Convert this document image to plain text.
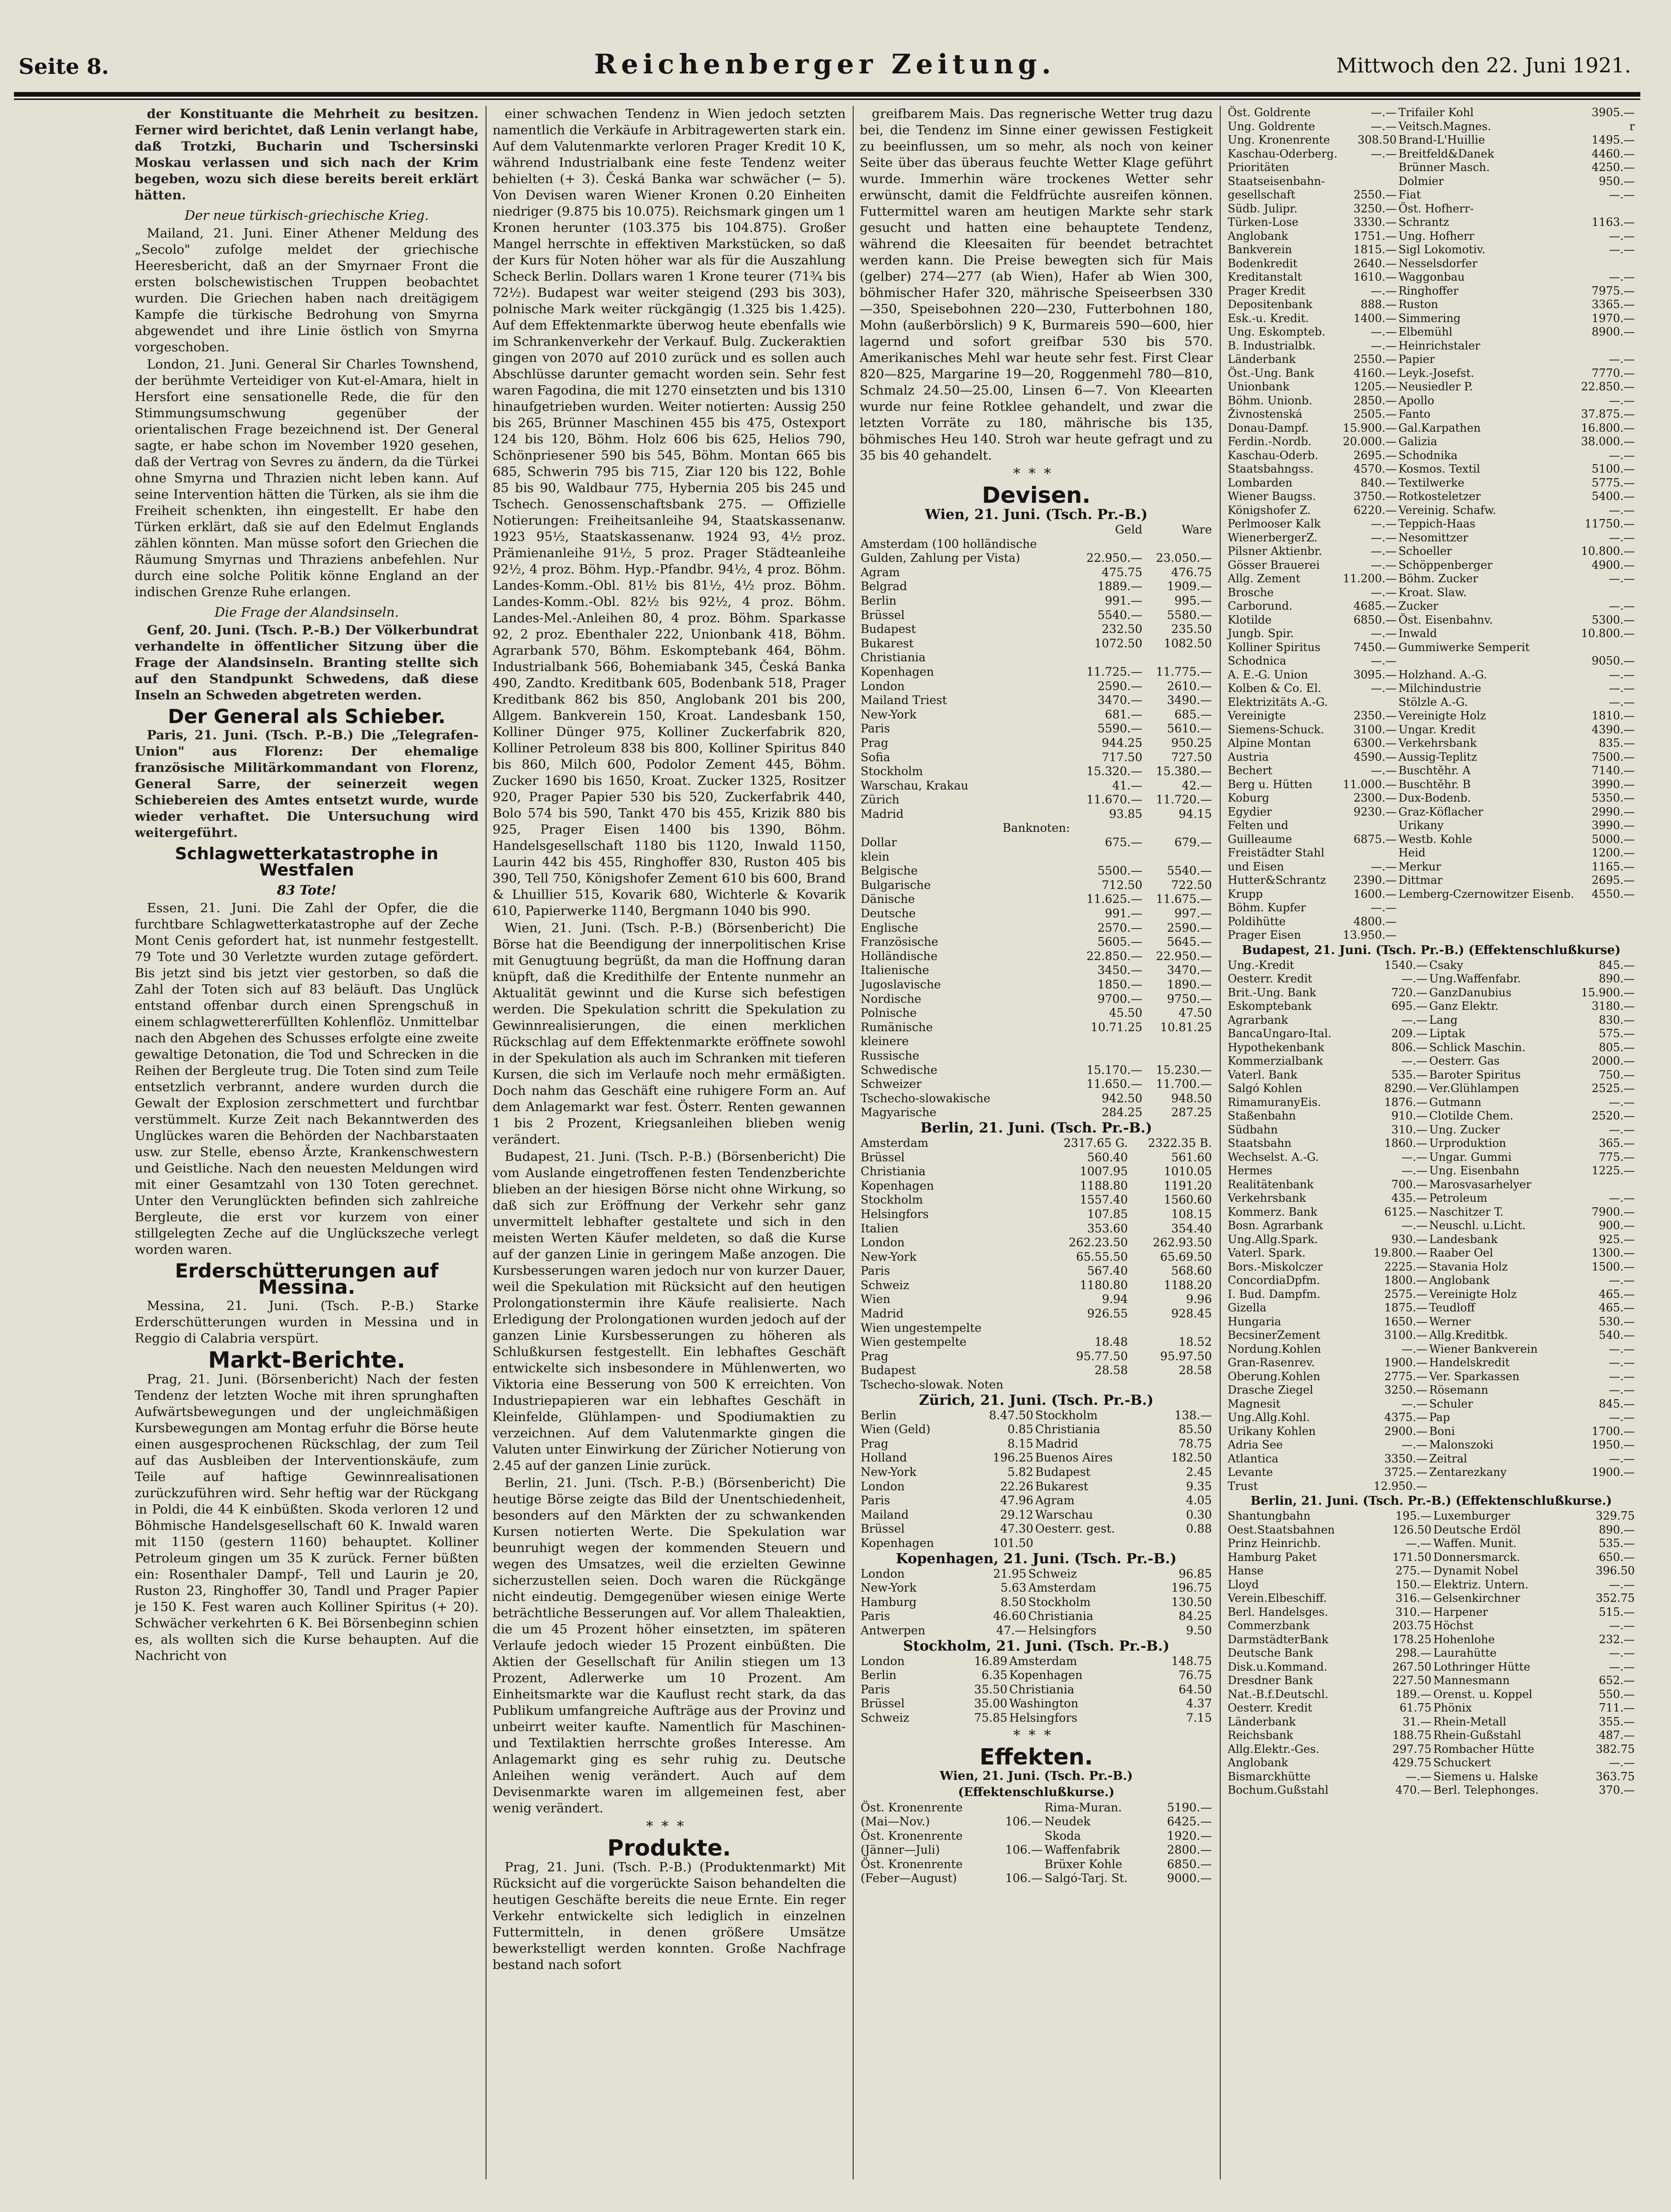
Seite 8.	Reichenberger Zeitung.	Mittwoch den 22. Juni 1921.

der Konstituante die Mehrheit zu besitzen. Ferner wird berichtet, daß Lenin verlangt habe, daß Trotzki, Bucharin und Tschersinski Moskau verlassen und sich nach der Krim begeben, wozu sich diese bereits bereit erklärt hätten.

Der neue türkisch-griechische Krieg.

Mailand, 21. Juni. Einer Athener Meldung des „Secolo" zufolge meldet der griechische Heeresbericht, daß an der Smyrnaer Front die ersten bolschewistischen Truppen beobachtet wurden. Die Griechen haben nach dreitägigem Kampfe die türkische Bedrohung von Smyrna abgewendet und ihre Linie östlich von Smyrna vorgeschoben.

London, 21. Juni. General Sir Charles Townshend, der berühmte Verteidiger von Kut-el-Amara, hielt in Hersfort eine sensationelle Rede, die für den Stimmungsumschwung gegenüber der orientalischen Frage bezeichnend ist. Der General sagte, er habe schon im November 1920 gesehen, daß der Vertrag von Sevres zu ändern, da die Türkei ohne Smyrna und Thrazien nicht leben kann. Auf seine Intervention hätten die Türken, als sie ihm die Freiheit schenkten, ihn eingestellt. Er habe den Türken erklärt, daß sie auf den Edelmut Englands zählen könnten. Man müsse sofort den Griechen die Räumung Smyrnas und Thraziens anbefehlen. Nur durch eine solche Politik könne England an der indischen Grenze Ruhe erlangen.

Die Frage der Alandsinseln.

Genf, 20. Juni. (Tsch. P.-B.) Der Völkerbundrat verhandelte in öffentlicher Sitzung über die Frage der Alandsinseln. Branting stellte sich auf den Standpunkt Schwedens, daß diese Inseln an Schweden abgetreten werden.

Der General als Schieber.

Paris, 21. Juni. (Tsch. P.-B.) Die „Telegrafen-Union" aus Florenz: Der ehemalige französische Militärkommandant von Florenz, General Sarre, der seinerzeit wegen Schiebereien des Amtes entsetzt wurde, wurde wieder verhaftet. Die Untersuchung wird weitergeführt.

Schlagwetterkatastrophe in Westfalen
83 Tote!

Essen, 21. Juni. Die Zahl der Opfer, die die furchtbare Schlagwetterkatastrophe auf der Zeche Mont Cenis gefordert hat, ist nunmehr festgestellt. 79 Tote und 30 Verletzte wurden zutage gefördert. Bis jetzt sind bis jetzt vier gestorben, so daß die Zahl der Toten sich auf 83 beläuft. Das Unglück entstand offenbar durch einen Sprengschuß in einem schlagwettererfüllten Kohlenflöz. Unmittelbar nach den Abgehen des Schusses erfolgte eine zweite gewaltige Detonation, die Tod und Schrecken in die Reihen der Bergleute trug. Die Toten sind zum Teile entsetzlich verbrannt, andere wurden durch die Gewalt der Explosion zerschmettert und furchtbar verstümmelt. Kurze Zeit nach Bekanntwerden des Unglückes waren die Behörden der Nachbarstaaten usw. zur Stelle, ebenso Ärzte, Krankenschwestern und Geistliche. Nach den neuesten Meldungen wird mit einer Gesamtzahl von 130 Toten gerechnet. Unter den Verunglückten befinden sich zahlreiche Bergleute, die erst vor kurzem von einer stillgelegten Zeche auf die Unglückszeche verlegt worden waren.

Erderschütterungen auf Messina.

Messina, 21. Juni. (Tsch. P.-B.) Starke Erderschütterungen wurden in Messina und in Reggio di Calabria verspürt.

Markt-Berichte.

Prag, 21. Juni. (Börsenbericht) Nach der festen Tendenz der letzten Woche mit ihren sprunghaften Aufwärtsbewegungen und der ungleichmäßigen Kursbewegungen am Montag erfuhr die Börse heute einen ausgesprochenen Rückschlag, der zum Teil auf das Ausbleiben der Interventionskäufe, zum Teile auf haftige Gewinnrealisationen zurückzuführen wird. Sehr heftig war der Rückgang in Poldi, die 44 K einbüßten. Skoda verloren 12 und Böhmische Handelsgesellschaft 60 K. Inwald waren mit 1150 (gestern 1160) behauptet. Kolliner Petroleum gingen um 35 K zurück. Ferner büßten ein: Rosenthaler Dampf-, Tell und Laurin je 20, Ruston 23, Ringhoffer 30, Tandl und Prager Papier je 150 K. Fest waren auch Kolliner Spiritus (+ 20). Schwächer verkehrten 6 K. Bei Börsenbeginn schien es, als wollten sich die Kurse behaupten. Auf die Nachricht von

einer schwachen Tendenz in Wien jedoch setzten namentlich die Verkäufe in Arbitragewerten stark ein. Auf dem Valutenmarkte verloren Prager Kredit 10 K, während Industrialbank eine feste Tendenz weiter behielten (+ 3). Česká Banka war schwächer (− 5). Von Devisen waren Wiener Kronen 0.20 Einheiten niedriger (9.875 bis 10.075). Reichsmark gingen um 1 Kronen herunter (103.375 bis 104.875). Großer Mangel herrschte in effektiven Markstücken, so daß der Kurs für Noten höher war als für die Auszahlung Scheck Berlin. Dollars waren 1 Krone teurer (71¾ bis 72½). Budapest war weiter steigend (293 bis 303), polnische Mark weiter rückgängig (1.325 bis 1.425). Auf dem Effektenmarkte überwog heute ebenfalls wie im Schrankenverkehr der Verkauf. Bulg. Zuckeraktien gingen von 2070 auf 2010 zurück und es sollen auch Abschlüsse darunter gemacht worden sein. Sehr fest waren Fagodina, die mit 1270 einsetzten und bis 1310 hinaufgetrieben wurden. Weiter notierten: Aussig 250 bis 265, Brünner Maschinen 455 bis 475, Ostexport 124 bis 120, Böhm. Holz 606 bis 625, Helios 790, Schönpriesener 590 bis 545, Böhm. Montan 665 bis 685, Schwerin 795 bis 715, Ziar 120 bis 122, Bohle 85 bis 90, Waldbaur 775, Hybernia 205 bis 245 und Tschech. Genossenschaftsbank 275. — Offizielle Notierungen: Freiheitsanleihe 94, Staatskassenanw. 1923 95½, Staatskassenanw. 1924 93, 4½ proz. Prämienanleihe 91½, 5 proz. Prager Städteanleihe 92½, 4 proz. Böhm. Hyp.-Pfandbr. 94½, 4 proz. Böhm. Landes-Komm.-Obl. 81½ bis 81½, 4½ proz. Böhm. Landes-Komm.-Obl. 82½ bis 92½, 4 proz. Böhm. Landes-Mel.-Anleihen 80, 4 proz. Böhm. Sparkasse 92, 2 proz. Ebenthaler 222, Unionbank 418, Böhm. Agrarbank 570, Böhm. Eskomptebank 464, Böhm. Industrialbank 566, Bohemiabank 345, Česká Banka 490, Zandto. Kreditbank 605, Bodenbank 518, Prager Kreditbank 862 bis 850, Anglobank 201 bis 200, Allgem. Bankverein 150, Kroat. Landesbank 150, Kolliner Dünger 975, Kolliner Zuckerfabrik 820, Kolliner Petroleum 838 bis 800, Kolliner Spiritus 840 bis 860, Milch 600, Podolor Zement 445, Böhm. Zucker 1690 bis 1650, Kroat. Zucker 1325, Rositzer 920, Prager Papier 530 bis 520, Zuckerfabrik 440, Bolo 574 bis 590, Tankt 470 bis 455, Krizik 880 bis 925, Prager Eisen 1400 bis 1390, Böhm. Handelsgesellschaft 1180 bis 1120, Inwald 1150, Laurin 442 bis 455, Ringhoffer 830, Ruston 405 bis 390, Tell 750, Königshofer Zement 610 bis 600, Brand & Lhuillier 515, Kovarik 680, Wichterle & Kovarik 610, Papierwerke 1140, Bergmann 1040 bis 990.

Wien, 21. Juni. (Tsch. P.-B.) (Börsenbericht) Die Börse hat die Beendigung der innerpolitischen Krise mit Genugtuung begrüßt, da man die Hoffnung daran knüpft, daß die Kredithilfe der Entente nunmehr an Aktualität gewinnt und die Kurse sich befestigen werden. Die Spekulation schritt die Spekulation zu Gewinnrealisierungen, die einen merklichen Rückschlag auf dem Effektenmarkte eröffnete sowohl in der Spekulation als auch im Schranken mit tieferen Kursen, die sich im Verlaufe noch mehr ermäßigten. Doch nahm das Geschäft eine ruhigere Form an. Auf dem Anlagemarkt war fest. Österr. Renten gewannen 1 bis 2 Prozent, Kriegsanleihen blieben wenig verändert.

Budapest, 21. Juni. (Tsch. P.-B.) (Börsenbericht) Die vom Auslande eingetroffenen festen Tendenzberichte blieben an der hiesigen Börse nicht ohne Wirkung, so daß sich zur Eröffnung der Verkehr sehr ganz unvermittelt lebhafter gestaltete und sich in den meisten Werten Käufer meldeten, so daß die Kurse auf der ganzen Linie in geringem Maße anzogen. Die Kursbesserungen waren jedoch nur von kurzer Dauer, weil die Spekulation mit Rücksicht auf den heutigen Prolongationstermin ihre Käufe realisierte. Nach Erledigung der Prolongationen wurden jedoch auf der ganzen Linie Kursbesserungen zu höheren als Schlußkursen festgestellt. Ein lebhaftes Geschäft entwickelte sich insbesondere in Mühlenwerten, wo Viktoria eine Besserung von 500 K erreichten. Von Industriepapieren war ein lebhaftes Geschäft in Kleinfelde, Glühlampen- und Spodiumaktien zu verzeichnen. Auf dem Valutenmarkte gingen die Valuten unter Einwirkung der Züricher Notierung von 2.45 auf der ganzen Linie zurück.

Berlin, 21. Juni. (Tsch. P.-B.) (Börsenbericht) Die heutige Börse zeigte das Bild der Unentschiedenheit, besonders auf den Märkten der zu schwankenden Kursen notierten Werte. Die Spekulation war beunruhigt wegen der kommenden Steuern und wegen des Umsatzes, weil die erzielten Gewinne sicherzustellen seien. Doch waren die Rückgänge nicht eindeutig. Demgegenüber wiesen einige Werte beträchtliche Besserungen auf. Vor allem Thaleaktien, die um 45 Prozent höher einsetzten, im späteren Verlaufe jedoch wieder 15 Prozent einbüßten. Die Aktien der Gesellschaft für Anilin stiegen um 13 Prozent, Adlerwerke um 10 Prozent. Am Einheitsmarkte war die Kauflust recht stark, da das Publikum umfangreiche Aufträge aus der Provinz und unbeirrt weiter kaufte. Namentlich für Maschinen- und Textilaktien herrschte großes Interesse. Am Anlagemarkt ging es sehr ruhig zu. Deutsche Anleihen wenig verändert. Auch auf dem Devisenmarkte waren im allgemeinen fest, aber wenig verändert.

***
Produkte.

Prag, 21. Juni. (Tsch. P.-B.) (Produktenmarkt) Mit Rücksicht auf die vorgerückte Saison behandelten die heutigen Geschäfte bereits die neue Ernte. Ein reger Verkehr entwickelte sich lediglich in einzelnen Futtermitteln, in denen größere Umsätze bewerkstelligt werden konnten. Große Nachfrage bestand nach sofort

greifbarem Mais. Das regnerische Wetter trug dazu bei, die Tendenz im Sinne einer gewissen Festigkeit zu beeinflussen, um so mehr, als noch von keiner Seite über das überaus feuchte Wetter Klage geführt wurde. Immerhin wäre trockenes Wetter sehr erwünscht, damit die Feldfrüchte ausreifen können. Futtermittel waren am heutigen Markte sehr stark gesucht und hatten eine behauptete Tendenz, während die Kleesaiten für beendet betrachtet werden kann. Die Preise bewegten sich für Mais (gelber) 274—277 (ab Wien), Hafer ab Wien 300, böhmischer Hafer 320, mährische Speiseerbsen 330—350, Speisebohnen 220—230, Futterbohnen 180, Mohn (außerbörslich) 9 K, Burmareis 590—600, hier lagernd und sofort greifbar 530 bis 570. Amerikanisches Mehl war heute sehr fest. First Clear 820—825, Margarine 19—20, Roggenmehl 780—810, Schmalz 24.50—25.00, Linsen 6—7. Von Kleearten wurde nur feine Rotklee gehandelt, und zwar die letzten Vorräte zu 180, mährische bis 135, böhmisches Heu 140. Stroh war heute gefragt und zu 35 bis 40 gehandelt.

***
Devisen.
Wien, 21. Juni. (Tsch. Pr.-B.)
	Geld	Ware
Amsterdam (100 holländische		
Gulden, Zahlung per Vista)	22.950.—	23.050.—
Agram	475.75	476.75
Belgrad	1889.—	1909.—
Berlin	991.—	995.—
Brüssel	5540.—	5580.—
Budapest	232.50	235.50
Bukarest	1072.50	1082.50
Christiania		
Kopenhagen	11.725.—	11.775.—
London	2590.—	2610.—
Mailand Triest	3470.—	3490.—
New-York	681.—	685.—
Paris	5590.—	5610.—
Prag	944.25	950.25
Sofia	717.50	727.50
Stockholm	15.320.—	15.380.—
Warschau, Krakau	41.—	42.—
Zürich	11.670.—	11.720.—
Madrid	93.85	94.15
Banknoten:		
Dollar	675.—	679.—
klein		
Belgische	5500.—	5540.—
Bulgarische	712.50	722.50
Dänische	11.625.—	11.675.—
Deutsche	991.—	997.—
Englische	2570.—	2590.—
Französische	5605.—	5645.—
Holländische	22.850.—	22.950.—
Italienische	3450.—	3470.—
Jugoslavische	1850.—	1890.—
Nordische	9700.—	9750.—
Polnische	45.50	47.50
Rumänische	10.71.25	10.81.25
kleinere		
Russische		
Schwedische	15.170.—	15.230.—
Schweizer	11.650.—	11.700.—
Tschecho-slowakische	942.50	948.50
Magyarische	284.25	287.25
Berlin, 21. Juni. (Tsch. Pr.-B.)
Amsterdam	2317.65 G.	2322.35 B.
Brüssel	560.40	561.60
Christiania	1007.95	1010.05
Kopenhagen	1188.80	1191.20
Stockholm	1557.40	1560.60
Helsingfors	107.85	108.15
Italien	353.60	354.40
London	262.23.50	262.93.50
New-York	65.55.50	65.69.50
Paris	567.40	568.60
Schweiz	1180.80	1188.20
Wien	9.94	9.96
Madrid	926.55	928.45
Wien ungestempelte		
Wien gestempelte	18.48	18.52
Prag	95.77.50	95.97.50
Budapest	28.58	28.58
Tschecho-slowak. Noten		
Zürich, 21. Juni. (Tsch. Pr.-B.)
Berlin	8.47.50	Stockholm	138.—
Wien (Geld)	0.85	Christiania	85.50
Prag	8.15	Madrid	78.75
Holland	196.25	Buenos Aires	182.50
New-York	5.82	Budapest	2.45
London	22.26	Bukarest	9.35
Paris	47.96	Agram	4.05
Mailand	29.12	Warschau	0.30
Brüssel	47.30	Oesterr. gest.	0.88
Kopenhagen	101.50		
Kopenhagen, 21. Juni. (Tsch. Pr.-B.)
London	21.95	Schweiz	96.85
New-York	5.63	Amsterdam	196.75
Hamburg	8.50	Stockholm	130.50
Paris	46.60	Christiania	84.25
Antwerpen	47.—	Helsingfors	9.50
Stockholm, 21. Juni. (Tsch. Pr.-B.)
London	16.89	Amsterdam	148.75
Berlin	6.35	Kopenhagen	76.75
Paris	35.50	Christiania	64.50
Brüssel	35.00	Washington	4.37
Schweiz	75.85	Helsingfors	7.15
***
Effekten.
Wien, 21. Juni. (Tsch. Pr.-B.) (Effektenschlußkurse.)
Öst. Kronenrente		Rima-Muran.	5190.—
(Mai—Nov.)	106.—	Neudek	6425.—
Öst. Kronenrente		Skoda	1920.—
(Jänner—Juli)	106.—	Waffenfabrik	2800.—
Öst. Kronenrente		Brüxer Kohle	6850.—
(Feber—August)	106.—	Salgó-Tarj. St.	9000.—
Öst. Goldrente	—.—	Trifailer Kohl	3905.—
Ung. Goldrente	—.—	Veitsch.Magnes.	r
Ung. Kronenrente	308.50	Brand-L'Huillie	1495.—
Kaschau-Oderberg.	—.—	Breitfeld&Danek	4460.—
Prioritäten		Brünner Masch.	4250.—
Staatseisenbahn-		Dolmier	950.—
gesellschaft	2550.—	Fiat	—.—
Südb. Julipr.	3250.—	Öst. Hofherr-	
Türken-Lose	3330.—	Schrantz	1163.—
Anglobank	1751.—	Ung. Hofherr	—.—
Bankverein	1815.—	Sigl Lokomotiv.	—.—
Bodenkredit	2640.—	Nesselsdorfer	
Kreditanstalt	1610.—	Waggonbau	—.—
Prager Kredit	—.—	Ringhoffer	7975.—
Depositenbank	888.—	Ruston	3365.—
Esk.-u. Kredit.	1400.—	Simmering	1970.—
Ung. Eskompteb.	—.—	Elbemühl	8900.—
B. Industrialbk.	—.—	Heinrichstaler	
Länderbank	2550.—	Papier	—.—
Öst.-Ung. Bank	4160.—	Leyk.-Josefst.	7770.—
Unionbank	1205.—	Neusiedler P.	22.850.—
Böhm. Unionb.	2850.—	Apollo	—.—
Živnostenská	2505.—	Fanto	37.875.—
Donau-Dampf.	15.900.—	Gal.Karpathen	16.800.—
Ferdin.-Nordb.	20.000.—	Galizia	38.000.—
Kaschau-Oderb.	2695.—	Schodnika	—.—
Staatsbahngss.	4570.—	Kosmos. Textil	5100.—
Lombarden	840.—	Textilwerke	5775.—
Wiener Baugss.	3750.—	Rotkosteletzer	5400.—
Königshofer Z.	6220.—	Vereinig. Schafw.	—.—
Perlmooser Kalk	—.—	Teppich-Haas	11750.—
WienerbergerZ.	—.—	Nesomittzer	—.—
Pilsner Aktienbr.	—.—	Schoeller	10.800.—
Gösser Brauerei	—.—	Schöppenberger	4900.—
Allg. Zement	11.200.—	Böhm. Zucker	—.—
Brosche	—.—	Kroat. Slaw.	
Carborund.	4685.—	Zucker	—.—
Klotilde	6850.—	Öst. Eisenbahnv.	5300.—
Jungb. Spir.	—.—	Inwald	10.800.—
Kolliner Spiritus	7450.—	Gummiwerke Semperit	
Schodnica	—.—		9050.—
A. E.-G. Union	3095.—	Holzhand. A.-G.	—.—
Kolben & Co. El.	—.—	Milchindustrie	—.—
Elektrizitäts A.-G.		Stölzle A.-G.	—.—
Vereinigte	2350.—	Vereinigte Holz	1810.—
Siemens-Schuck.	3100.—	Ungar. Kredit	4390.—
Alpine Montan	6300.—	Verkehrsbank	835.—
Austria	4590.—	Aussig-Teplitz	7500.—
Bechert	—.—	Buschtěhr. A	7140.—
Berg u. Hütten	11.000.—	Buschtěhr. B	3990.—
Koburg	2300.—	Dux-Bodenb.	5350.—
Egydier	9230.—	Graz-Köflacher	2990.—
Felten und		Urikany	3990.—
Guilleaume	6875.—	Westb. Kohle	5000.—
Freistädter Stahl		Heid	1200.—
und Eisen	—.—	Merkur	1165.—
Hutter&Schrantz	2390.—	Dittmar	2695.—
Krupp	1600.—	Lemberg-Czernowitzer Eisenb.	4550.—
Böhm. Kupfer	—.—		
Poldihütte	4800.—		
Prager Eisen	13.950.—		
Budapest, 21. Juni. (Tsch. Pr.-B.) (Effektenschlußkurse)
Ung.-Kredit	1540.—	Csaky	845.—
Oesterr. Kredit	—.—	Ung.Waffenfabr.	890.—
Brit.-Ung. Bank	720.—	GanzDanubius	15.900.—
Eskomptebank	695.—	Ganz Elektr.	3180.—
Agrarbank	—.—	Lang	830.—
BancaUngaro-Ital.	209.—	Liptak	575.—
Hypothekenbank	806.—	Schlick Maschin.	805.—
Kommerzialbank	—.—	Oesterr. Gas	2000.—
Vaterl. Bank	535.—	Baroter Spiritus	750.—
Salgó Kohlen	8290.—	Ver.Glühlampen	2525.—
RimamuranyEis.	1876.—	Gutmann	—.—
Staßenbahn	910.—	Clotilde Chem.	2520.—
Südbahn	310.—	Ung. Zucker	—.—
Staatsbahn	1860.—	Urproduktion	365.—
Wechselst. A.-G.	—.—	Ungar. Gummi	775.—
Hermes	—.—	Ung. Eisenbahn	1225.—
Realitätenbank	700.—	Marosvasarhelyer	
Verkehrsbank	435.—	Petroleum	—.—
Kommerz. Bank	6125.—	Naschitzer T.	7900.—
Bosn. Agrarbank	—.—	Neuschl. u.Licht.	900.—
Ung.Allg.Spark.	930.—	Landesbank	925.—
Vaterl. Spark.	19.800.—	Raaber Oel	1300.—
Bors.-Miskolczer	2225.—	Stavania Holz	1500.—
ConcordiaDpfm.	1800.—	Anglobank	—.—
I. Bud. Dampfm.	2575.—	Vereinigte Holz	465.—
Gizella	1875.—	Teudloff	465.—
Hungaria	1650.—	Werner	530.—
BecsinerZement	3100.—	Allg.Kreditbk.	540.—
Nordung.Kohlen	—.—	Wiener Bankverein	—.—
Gran-Rasenrev.	1900.—	Handelskredit	—.—
Oberung.Kohlen	2775.—	Ver. Sparkassen	—.—
Drasche Ziegel	3250.—	Rösemann	—.—
Magnesit	—.—	Schuler	845.—
Ung.Allg.Kohl.	4375.—	Pap	—.—
Urikany Kohlen	2900.—	Boni	1700.—
Adria See	—.—	Malonszoki	1950.—
Atlantica	3350.—	Zeitral	—.—
Levante	3725.—	Zentarezkany	1900.—
Trust	12.950.—		
Berlin, 21. Juni. (Tsch. Pr.-B.) (Effektenschlußkurse.)
Shantungbahn	195.—	Luxemburger	329.75
Oest.Staatsbahnen	126.50	Deutsche Erdöl	890.—
Prinz Heinrichb.	—.—	Waffen. Munit.	535.—
Hamburg Paket	171.50	Donnersmarck.	650.—
Hanse	275.—	Dynamit Nobel	396.50
Lloyd	150.—	Elektriz. Untern.	—.—
Verein.Elbeschiff.	316.—	Gelsenkirchner	352.75
Berl. Handelsges.	310.—	Harpener	515.—
Commerzbank	203.75	Höchst	—.—
DarmstädterBank	178.25	Hohenlohe	232.—
Deutsche Bank	298.—	Laurahütte	—.—
Disk.u.Kommand.	267.50	Lothringer Hütte	—.—
Dresdner Bank	227.50	Mannesmann	652.—
Nat.-B.f.Deutschl.	189.—	Orenst. u. Koppel	550.—
Oesterr. Kredit	61.75	Phönix	711.—
Länderbank	31.—	Rhein-Metall	355.—
Reichsbank	188.75	Rhein-Gußstahl	487.—
Allg.Elektr.-Ges.	297.75	Rombacher Hütte	382.75
Anglobank	429.75	Schuckert	—.—
Bismarckhütte	—.—	Siemens u. Halske	363.75
Bochum.Gußstahl	470.—	Berl. Telephonges.	370.—
